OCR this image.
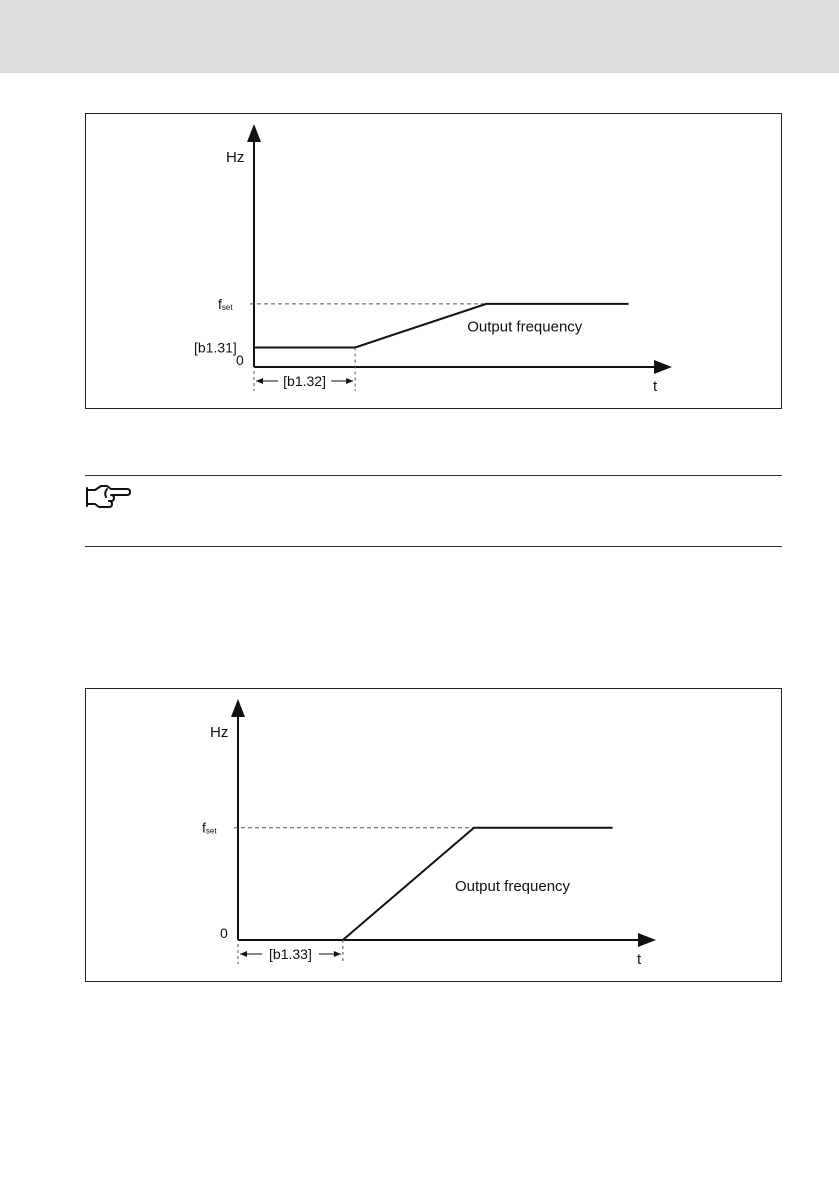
Hz
t
fset
0
[b1.31]
Output frequency
[b1.32]
Hz
t
fset
0
Output frequency
[b1.33]
